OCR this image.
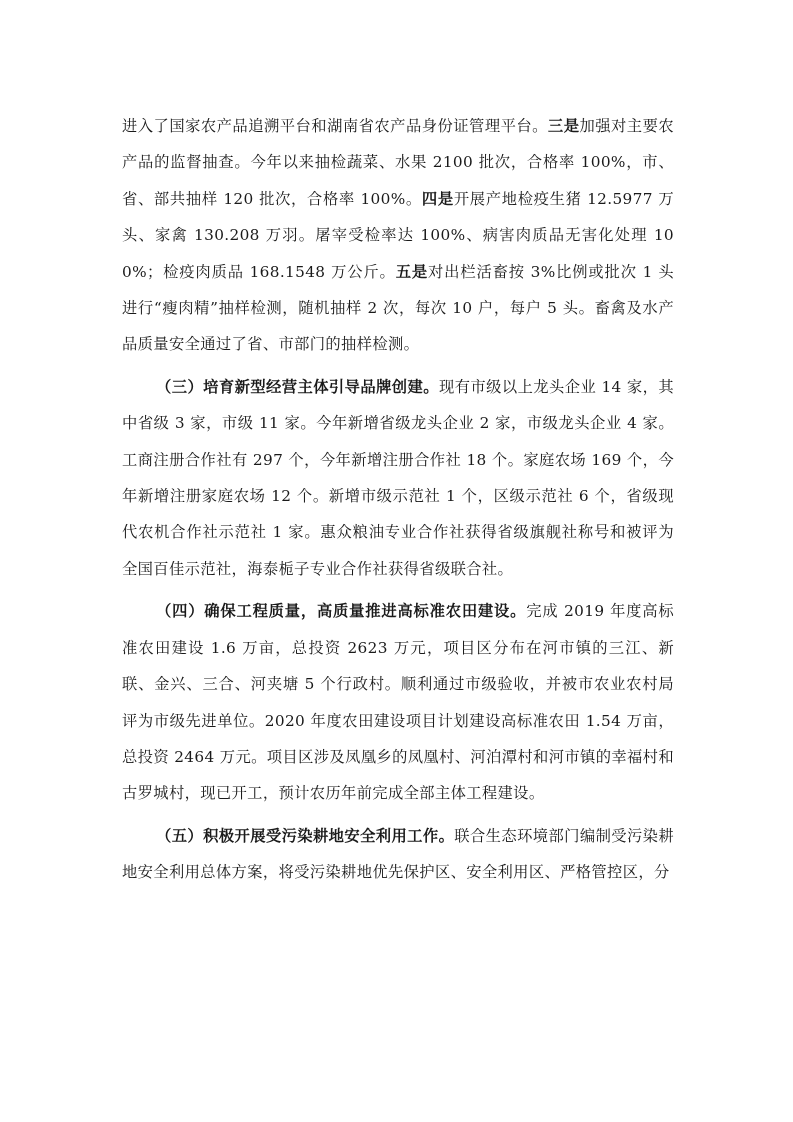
进入了国家农产品追溯平台和湖南省农产品身份证管理平台。三是加强对主要农产品的监督抽查。今年以来抽检蔬菜、水果 2100 批次，合格率 100%，市、省、部共抽样 120 批次，合格率 100%。四是开展产地检疫生猪 12.5977 万头、家禽 130.208 万羽。屠宰受检率达 100%、病害肉质品无害化处理 100%；检疫肉质品 168.1548 万公斤。五是对出栏活畜按 3%比例或批次 1 头进行“瘦肉精”抽样检测，随机抽样 2 次，每次 10 户，每户 5 头。畜禽及水产品质量安全通过了省、市部门的抽样检测。

（三）培育新型经营主体引导品牌创建。现有市级以上龙头企业 14 家，其中省级 3 家，市级 11 家。今年新增省级龙头企业 2 家，市级龙头企业 4 家。工商注册合作社有 297 个，今年新增注册合作社 18 个。家庭农场 169 个，今年新增注册家庭农场 12 个。新增市级示范社 1 个，区级示范社 6 个，省级现代农机合作社示范社 1 家。惠众粮油专业合作社获得省级旗舰社称号和被评为全国百佳示范社，海泰栀子专业合作社获得省级联合社。

（四）确保工程质量，高质量推进高标准农田建设。完成 2019 年度高标准农田建设 1.6 万亩，总投资 2623 万元，项目区分布在河市镇的三江、新联、金兴、三合、河夹塘 5 个行政村。顺利通过市级验收，并被市农业农村局评为市级先进单位。2020 年度农田建设项目计划建设高标准农田 1.54 万亩，总投资 2464 万元。项目区涉及凤凰乡的凤凰村、河泊潭村和河市镇的幸福村和古罗城村，现已开工，预计农历年前完成全部主体工程建设。

（五）积极开展受污染耕地安全利用工作。联合生态环境部门编制受污染耕地安全利用总体方案，将受污染耕地优先保护区、安全利用区、严格管控区，分
